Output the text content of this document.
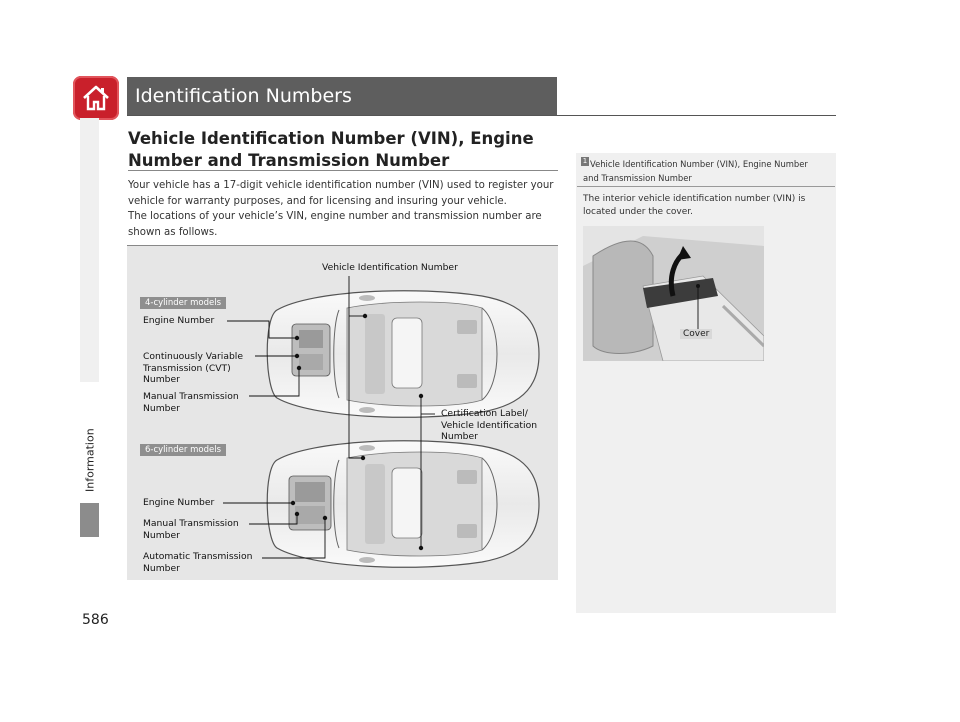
Identification Numbers
Information
586
Vehicle Identification Number (VIN), Engine Number and Transmission Number

Your vehicle has a 17-digit vehicle identification number (VIN) used to register your vehicle for warranty purposes, and for licensing and insuring your vehicle.

The locations of your vehicle’s VIN, engine number and transmission number are shown as follows.

Vehicle Identification Number
4-cylinder models
Engine Number
Continuously Variable
Transmission (CVT)
Number
Manual Transmission
Number	Certification Label/
Vehicle Identification
Number
6-cylinder models
Engine Number
Manual Transmission
Number
Automatic Transmission
Number
1 Vehicle Identification Number (VIN), Engine Number and Transmission Number
The interior vehicle identification number (VIN) is located under the cover.
Cover
